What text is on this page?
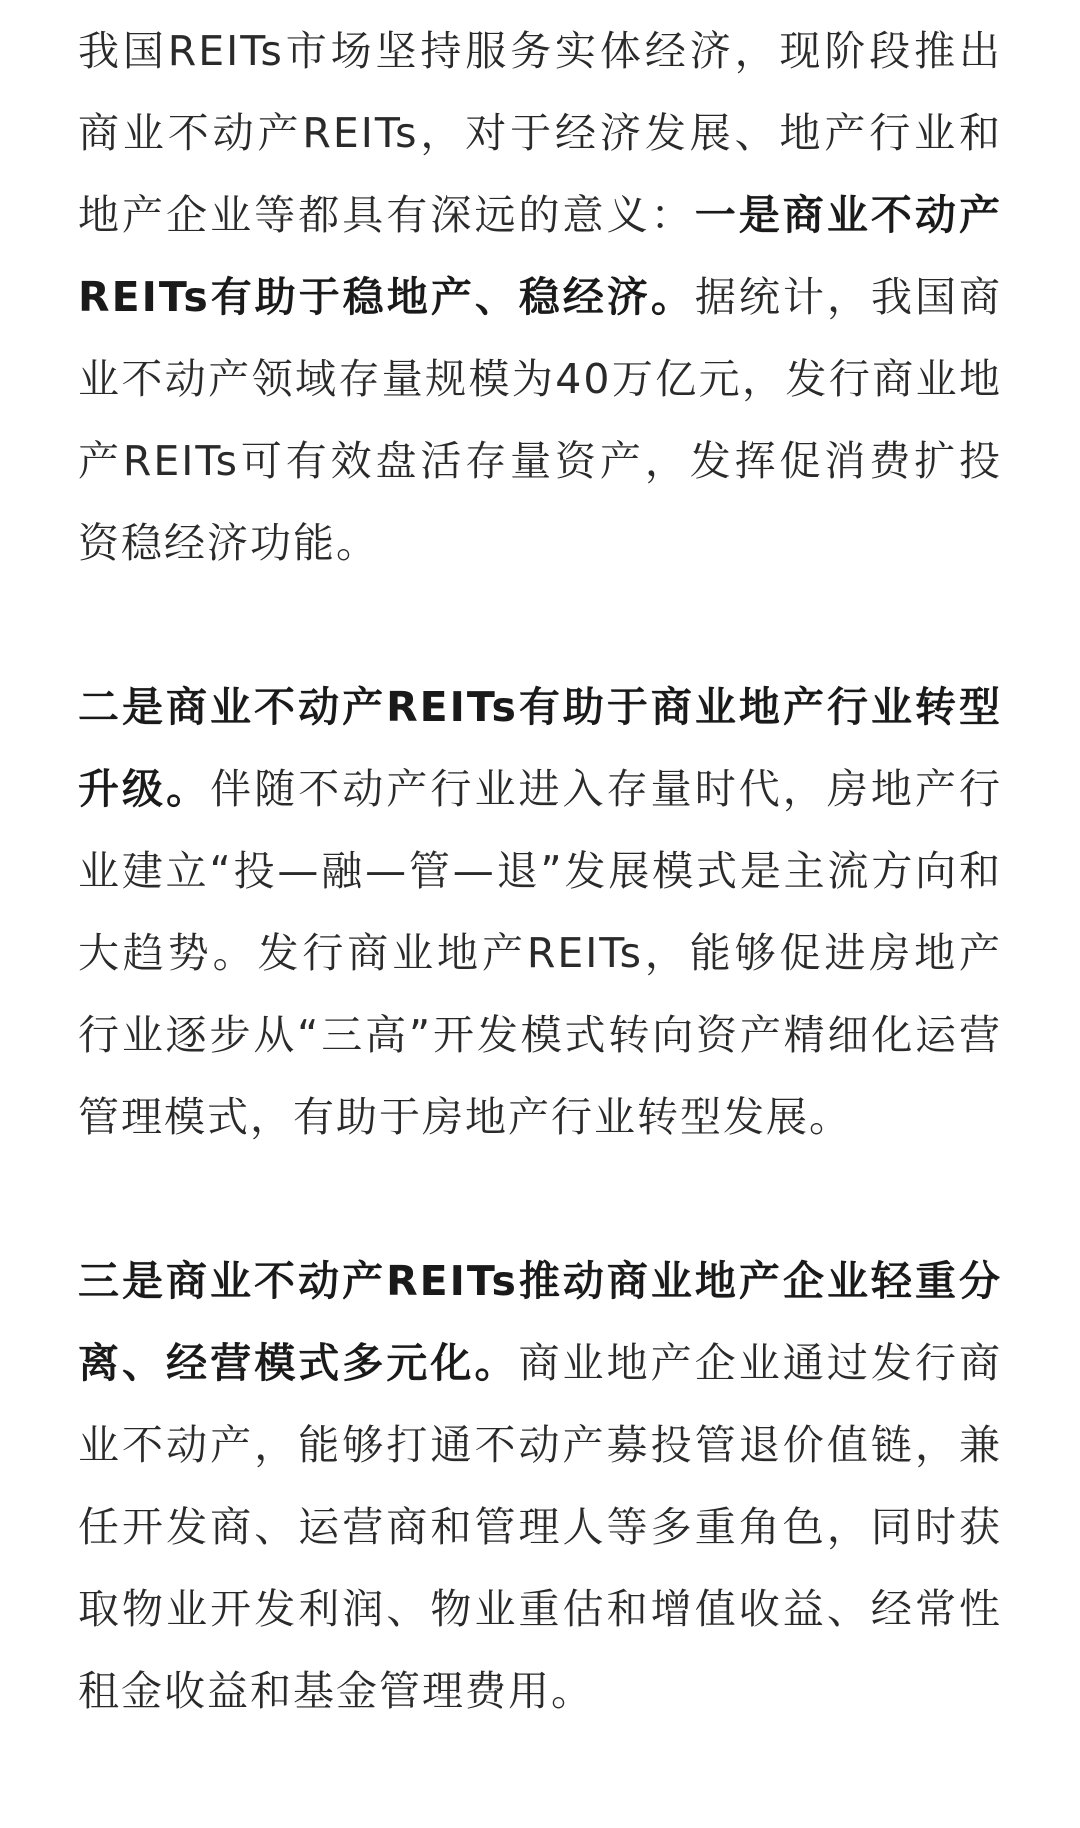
我国REITs市场坚持服务实体经济，现阶段推出商业不动产REITs，对于经济发展、地产行业和地产企业等都具有深远的意义：一是商业不动产REITs有助于稳地产、稳经济。据统计，我国商业不动产领域存量规模为40万亿元，发行商业地产REITs可有效盘活存量资产，发挥促消费扩投资稳经济功能。

二是商业不动产REITs有助于商业地产行业转型升级。伴随不动产行业进入存量时代，房地产行业建立“投—融—管—退”发展模式是主流方向和大趋势。发行商业地产REITs，能够促进房地产行业逐步从“三高”开发模式转向资产精细化运营管理模式，有助于房地产行业转型发展。

三是商业不动产REITs推动商业地产企业轻重分离、经营模式多元化。商业地产企业通过发行商业不动产，能够打通不动产募投管退价值链，兼任开发商、运营商和管理人等多重角色，同时获取物业开发利润、物业重估和增值收益、经常性租金收益和基金管理费用。
